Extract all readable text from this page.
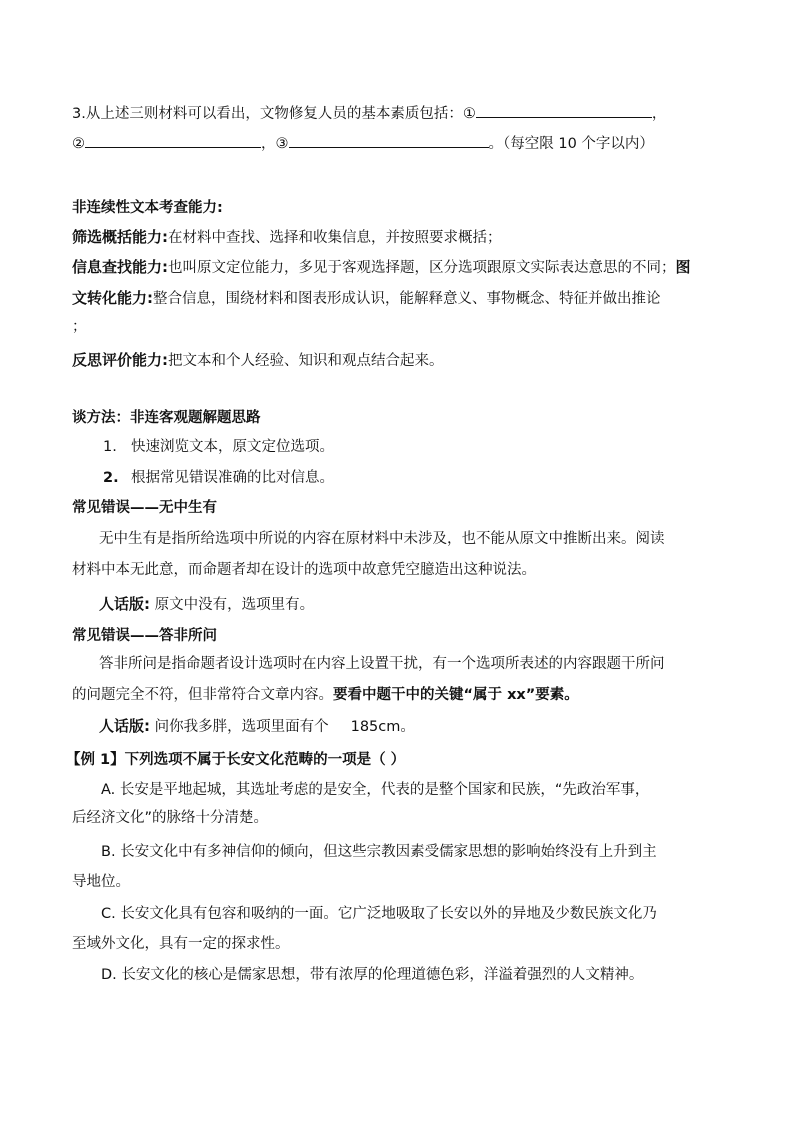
3.从上述三则材料可以看出，文物修复人员的基本素质包括：①	，
②	，③	。（每空限 10 个字以内）
非连续性文本考查能力:
筛选概括能力:在材料中查找、选择和收集信息，并按照要求概括；
信息查找能力:也叫原文定位能力，多见于客观选择题，区分选项跟原文实际表达意思的不同；图
文转化能力:整合信息，围绕材料和图表形成认识，能解释意义、事物概念、特征并做出推论
；
反思评价能力:把文本和个人经验、知识和观点结合起来。
谈方法：非连客观题解题思路
1. 快速浏览文本，原文定位选项。
2. 根据常见错误准确的比对信息。
常见错误——无中生有
无中生有是指所给选项中所说的内容在原材料中未涉及，也不能从原文中推断出来。阅读
材料中本无此意，而命题者却在设计的选项中故意凭空臆造出这种说法。
人话版: 原文中没有，选项里有。
常见错误——答非所问
答非所问是指命题者设计选项时在内容上设置干扰，有一个选项所表述的内容跟题干所问
的问题完全不符，但非常符合文章内容。要看中题干中的关键“属于 xx”要素。
人话版: 问你我多胖，选项里面有个 185cm。
【例 1】下列选项不属于长安文化范畴的一项是（ ）
A. 长安是平地起城，其选址考虑的是安全，代表的是整个国家和民族，“先政治军事，
后经济文化”的脉络十分清楚。
B. 长安文化中有多神信仰的倾向，但这些宗教因素受儒家思想的影响始终没有上升到主
导地位。
C. 长安文化具有包容和吸纳的一面。它广泛地吸取了长安以外的异地及少数民族文化乃
至域外文化，具有一定的探求性。
D. 长安文化的核心是儒家思想，带有浓厚的伦理道德色彩，洋溢着强烈的人文精神。
